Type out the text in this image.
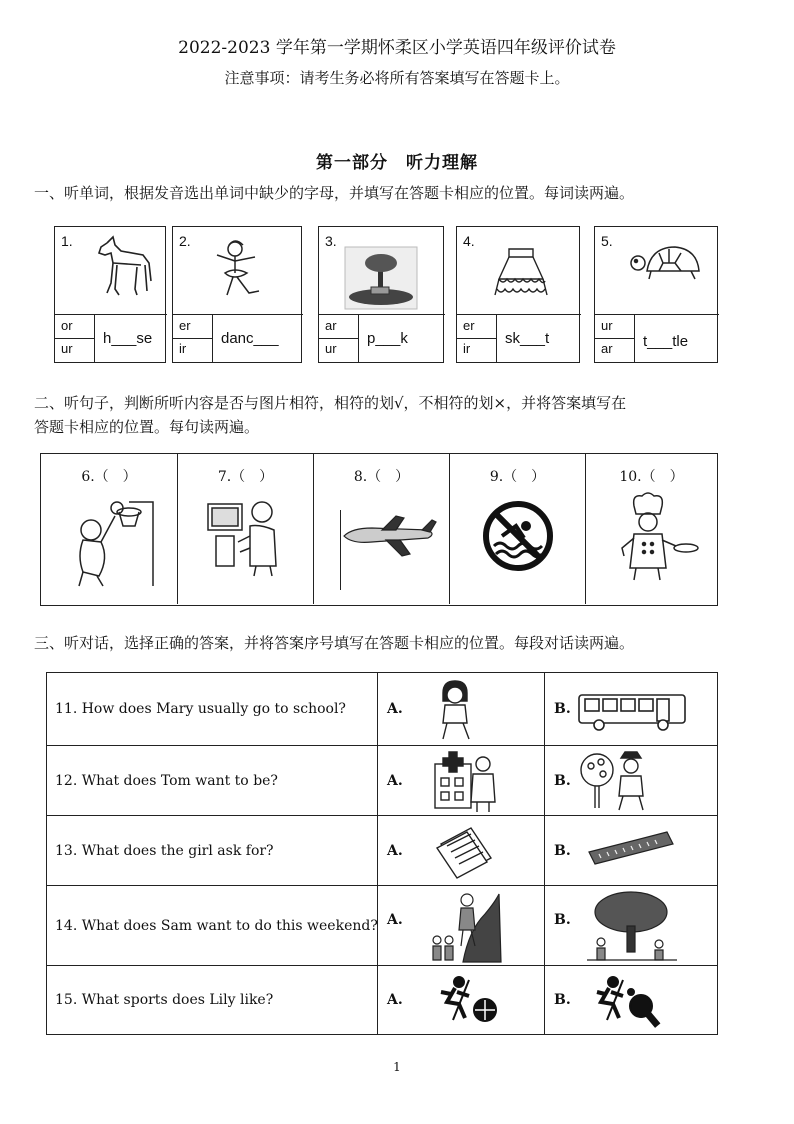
2022-2023 学年第一学期怀柔区小学英语四年级评价试卷
注意事项：请考生务必将所有答案填写在答题卡上。
第一部分　听力理解
一、听单词，根据发音选出单词中缺少的字母，并填写在答题卡相应的位置。每词读两遍。
1.
or
ur
h___se
2.
er
ir
danc___
3.
ar
ur
p___k
4.
er
ir
sk___t
5.
ur
ar	t___tle
二、听句子，判断所听内容是否与图片相符，相符的划√，不相符的划×，并将答案填写在
答题卡相应的位置。每句读两遍。
6.（　）	7.（　）	8.（　）	9.（　）	10.（　）
三、听对话，选择正确的答案，并将答案序号填写在答题卡相应的位置。每段对话读两遍。
11. How does Mary usually go to school?	A.	B.
12. What does Tom want to be?	A.	B.
13. What does the girl ask for?	A.	B.
14. What does Sam want to do this weekend? A.	B.
15. What sports does Lily like?	A.	B.
1
